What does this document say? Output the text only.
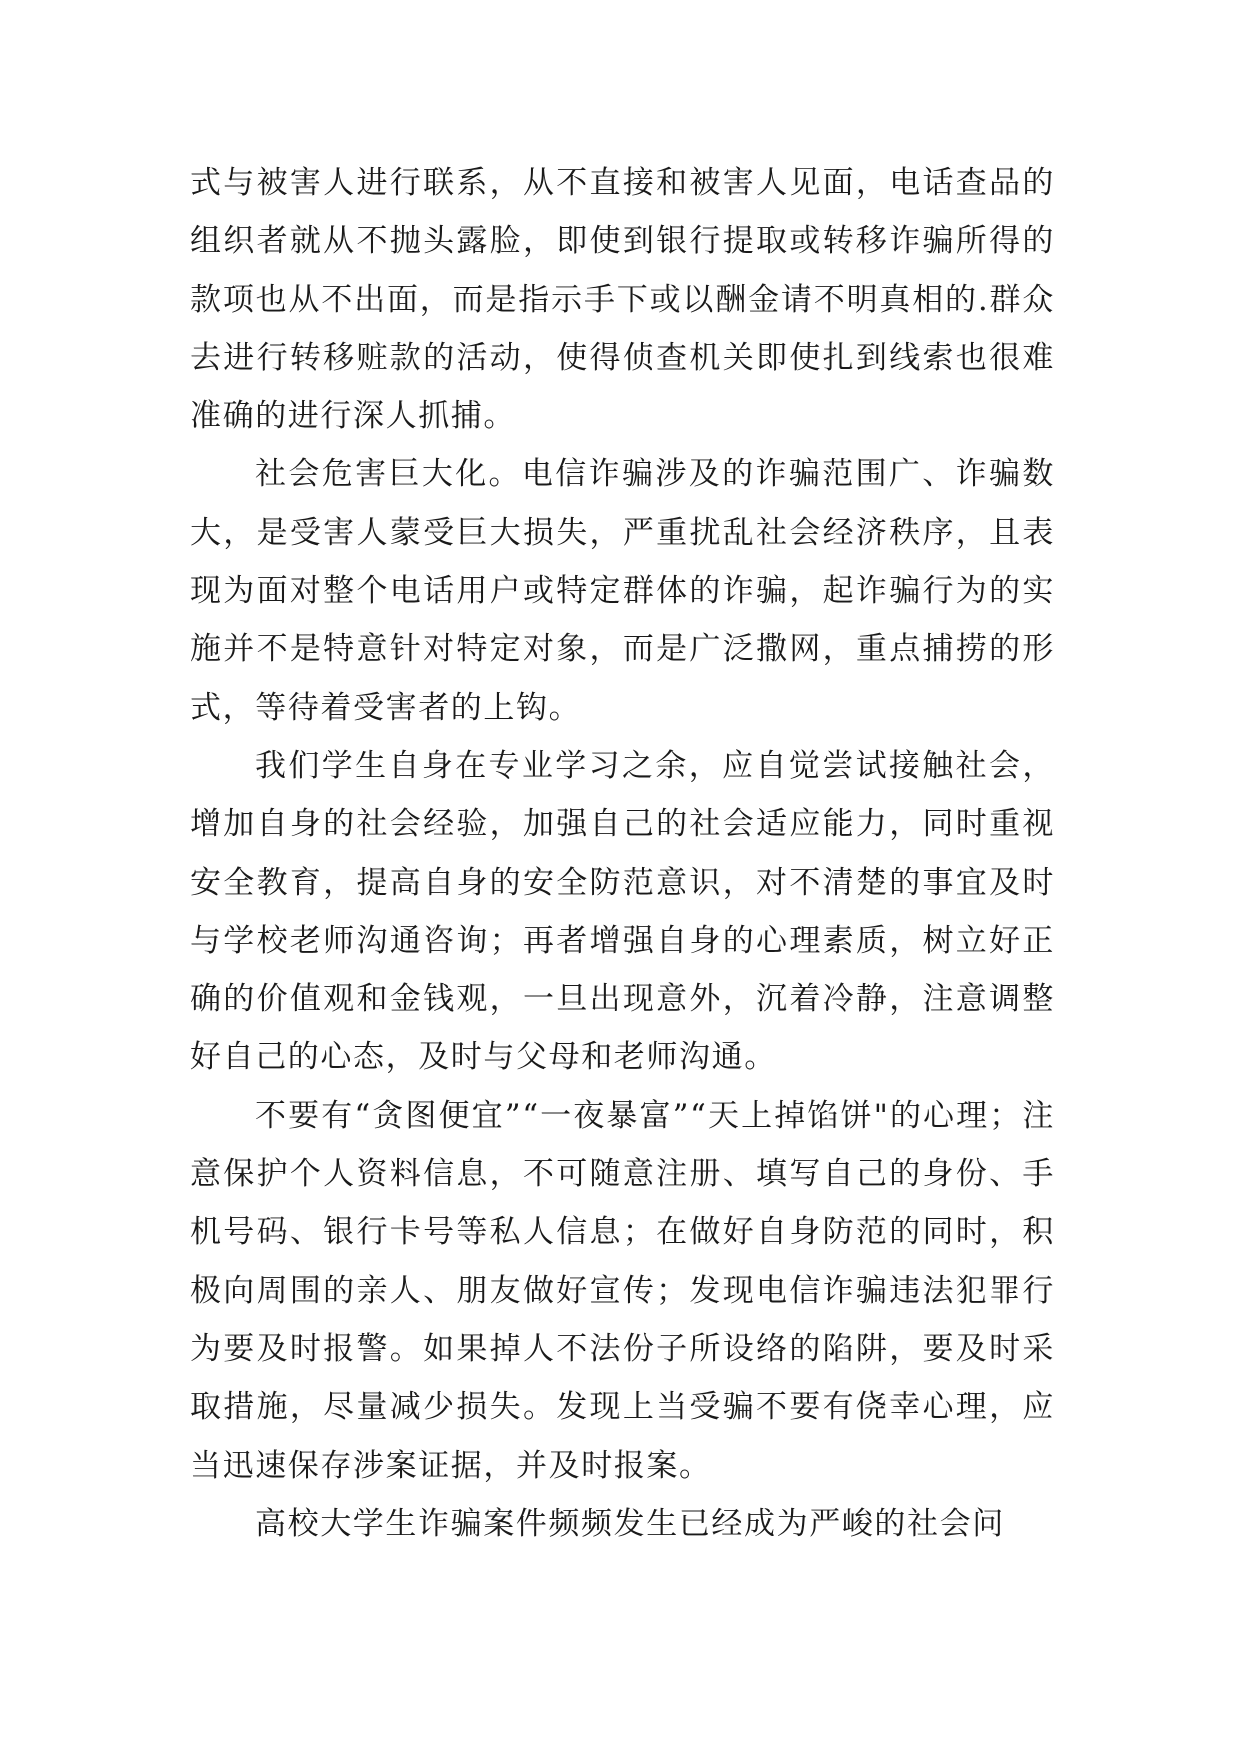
式与被害人进行联系，从不直接和被害人见面，电话查品的组织者就从不抛头露脸，即使到银行提取或转移诈骗所得的款项也从不出面，而是指示手下或以酬金请不明真相的.群众去进行转移赃款的活动，使得侦查机关即使扎到线索也很难准确的进行深人抓捕。

社会危害巨大化。电信诈骗涉及的诈骗范围广、诈骗数大，是受害人蒙受巨大损失，严重扰乱社会经济秩序，且表现为面对整个电话用户或特定群体的诈骗，起诈骗行为的实施并不是特意针对特定对象，而是广泛撒网，重点捕捞的形式，等待着受害者的上钩。

我们学生自身在专业学习之余，应自觉尝试接触社会，增加自身的社会经验，加强自己的社会适应能力，同时重视安全教育，提高自身的安全防范意识，对不清楚的事宜及时与学校老师沟通咨询；再者增强自身的心理素质，树立好正确的价值观和金钱观，一旦出现意外，沉着冷静，注意调整好自己的心态，及时与父母和老师沟通。

不要有“贪图便宜”“一夜暴富”“天上掉馅饼"的心理；注意保护个人资料信息，不可随意注册、填写自己的身份、手机号码、银行卡号等私人信息；在做好自身防范的同时，积极向周围的亲人、朋友做好宣传；发现电信诈骗违法犯罪行为要及时报警。如果掉人不法份子所设络的陷阱，要及时采取措施，尽量减少损失。发现上当受骗不要有侥幸心理，应当迅速保存涉案证据，并及时报案。

高校大学生诈骗案件频频发生已经成为严峻的社会问
